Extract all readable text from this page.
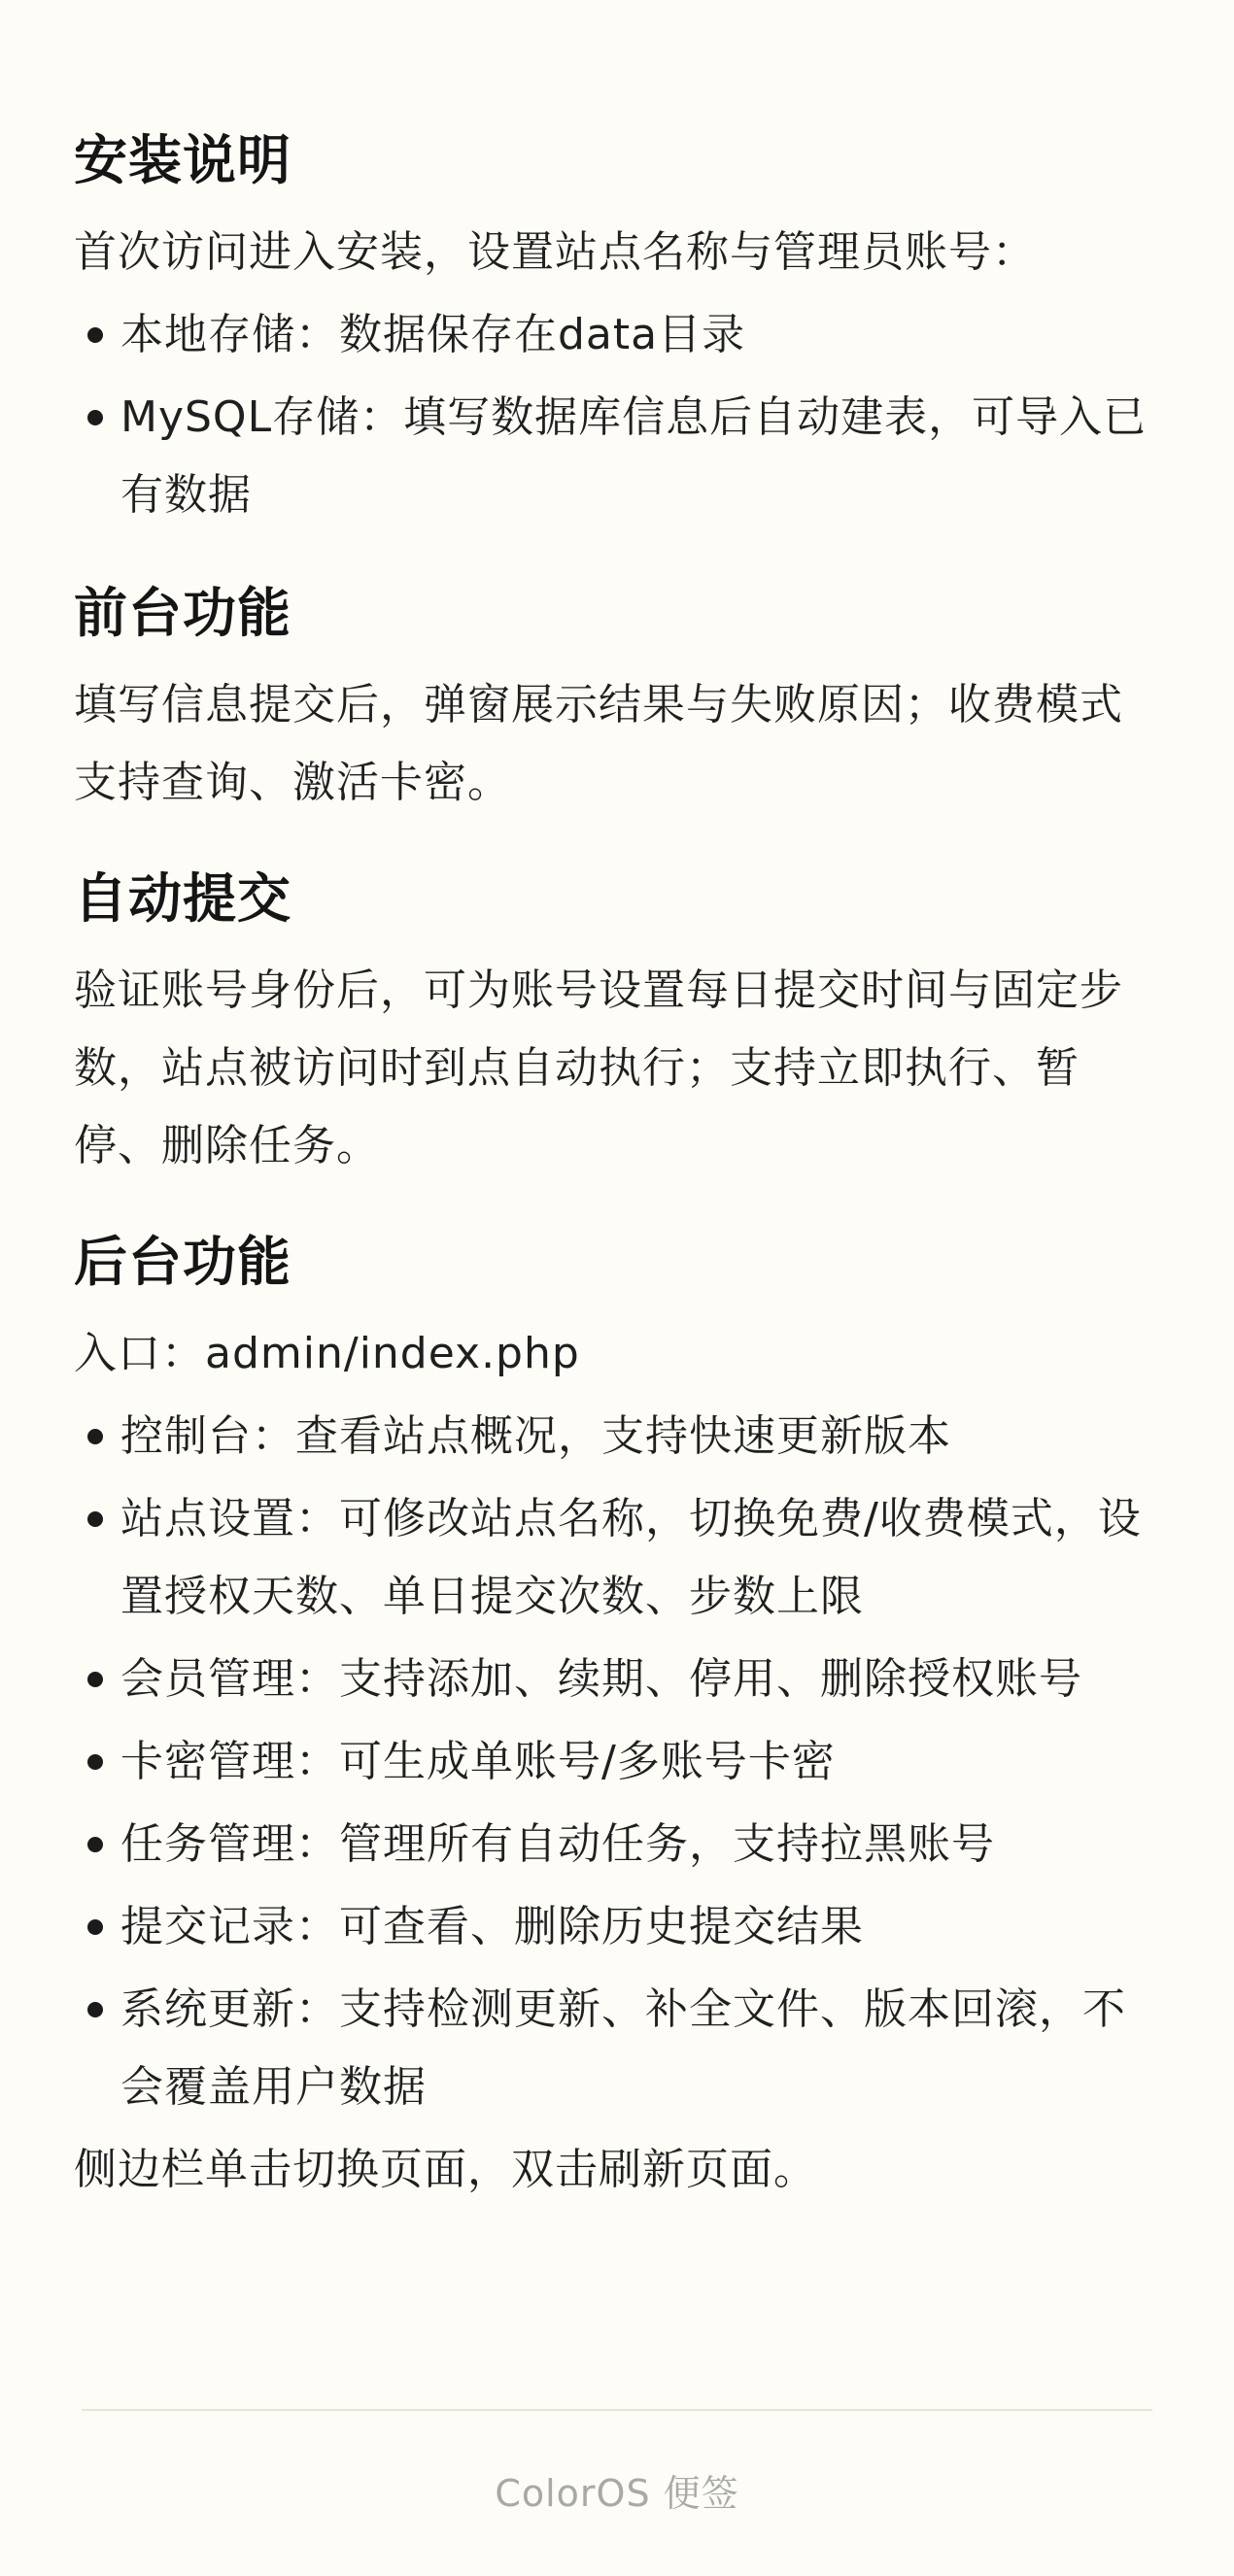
安装说明

首次访问进入安装，设置站点名称与管理员账号：

本地存储：数据保存在data目录
MySQL存储：填写数据库信息后自动建表，可导入已有数据
前台功能

填写信息提交后，弹窗展示结果与失败原因；收费模式支持查询、激活卡密。

自动提交

验证账号身份后，可为账号设置每日提交时间与固定步数，站点被访问时到点自动执行；支持立即执行、暂停、删除任务。

后台功能

入口：admin/index.php

控制台：查看站点概况，支持快速更新版本
站点设置：可修改站点名称，切换免费/收费模式，设置授权天数、单日提交次数、步数上限
会员管理：支持添加、续期、停用、删除授权账号
卡密管理：可生成单账号/多账号卡密
任务管理：管理所有自动任务，支持拉黑账号
提交记录：可查看、删除历史提交结果
系统更新：支持检测更新、补全文件、版本回滚，不会覆盖用户数据

侧边栏单击切换页面，双击刷新页面。

ColorOS 便签
